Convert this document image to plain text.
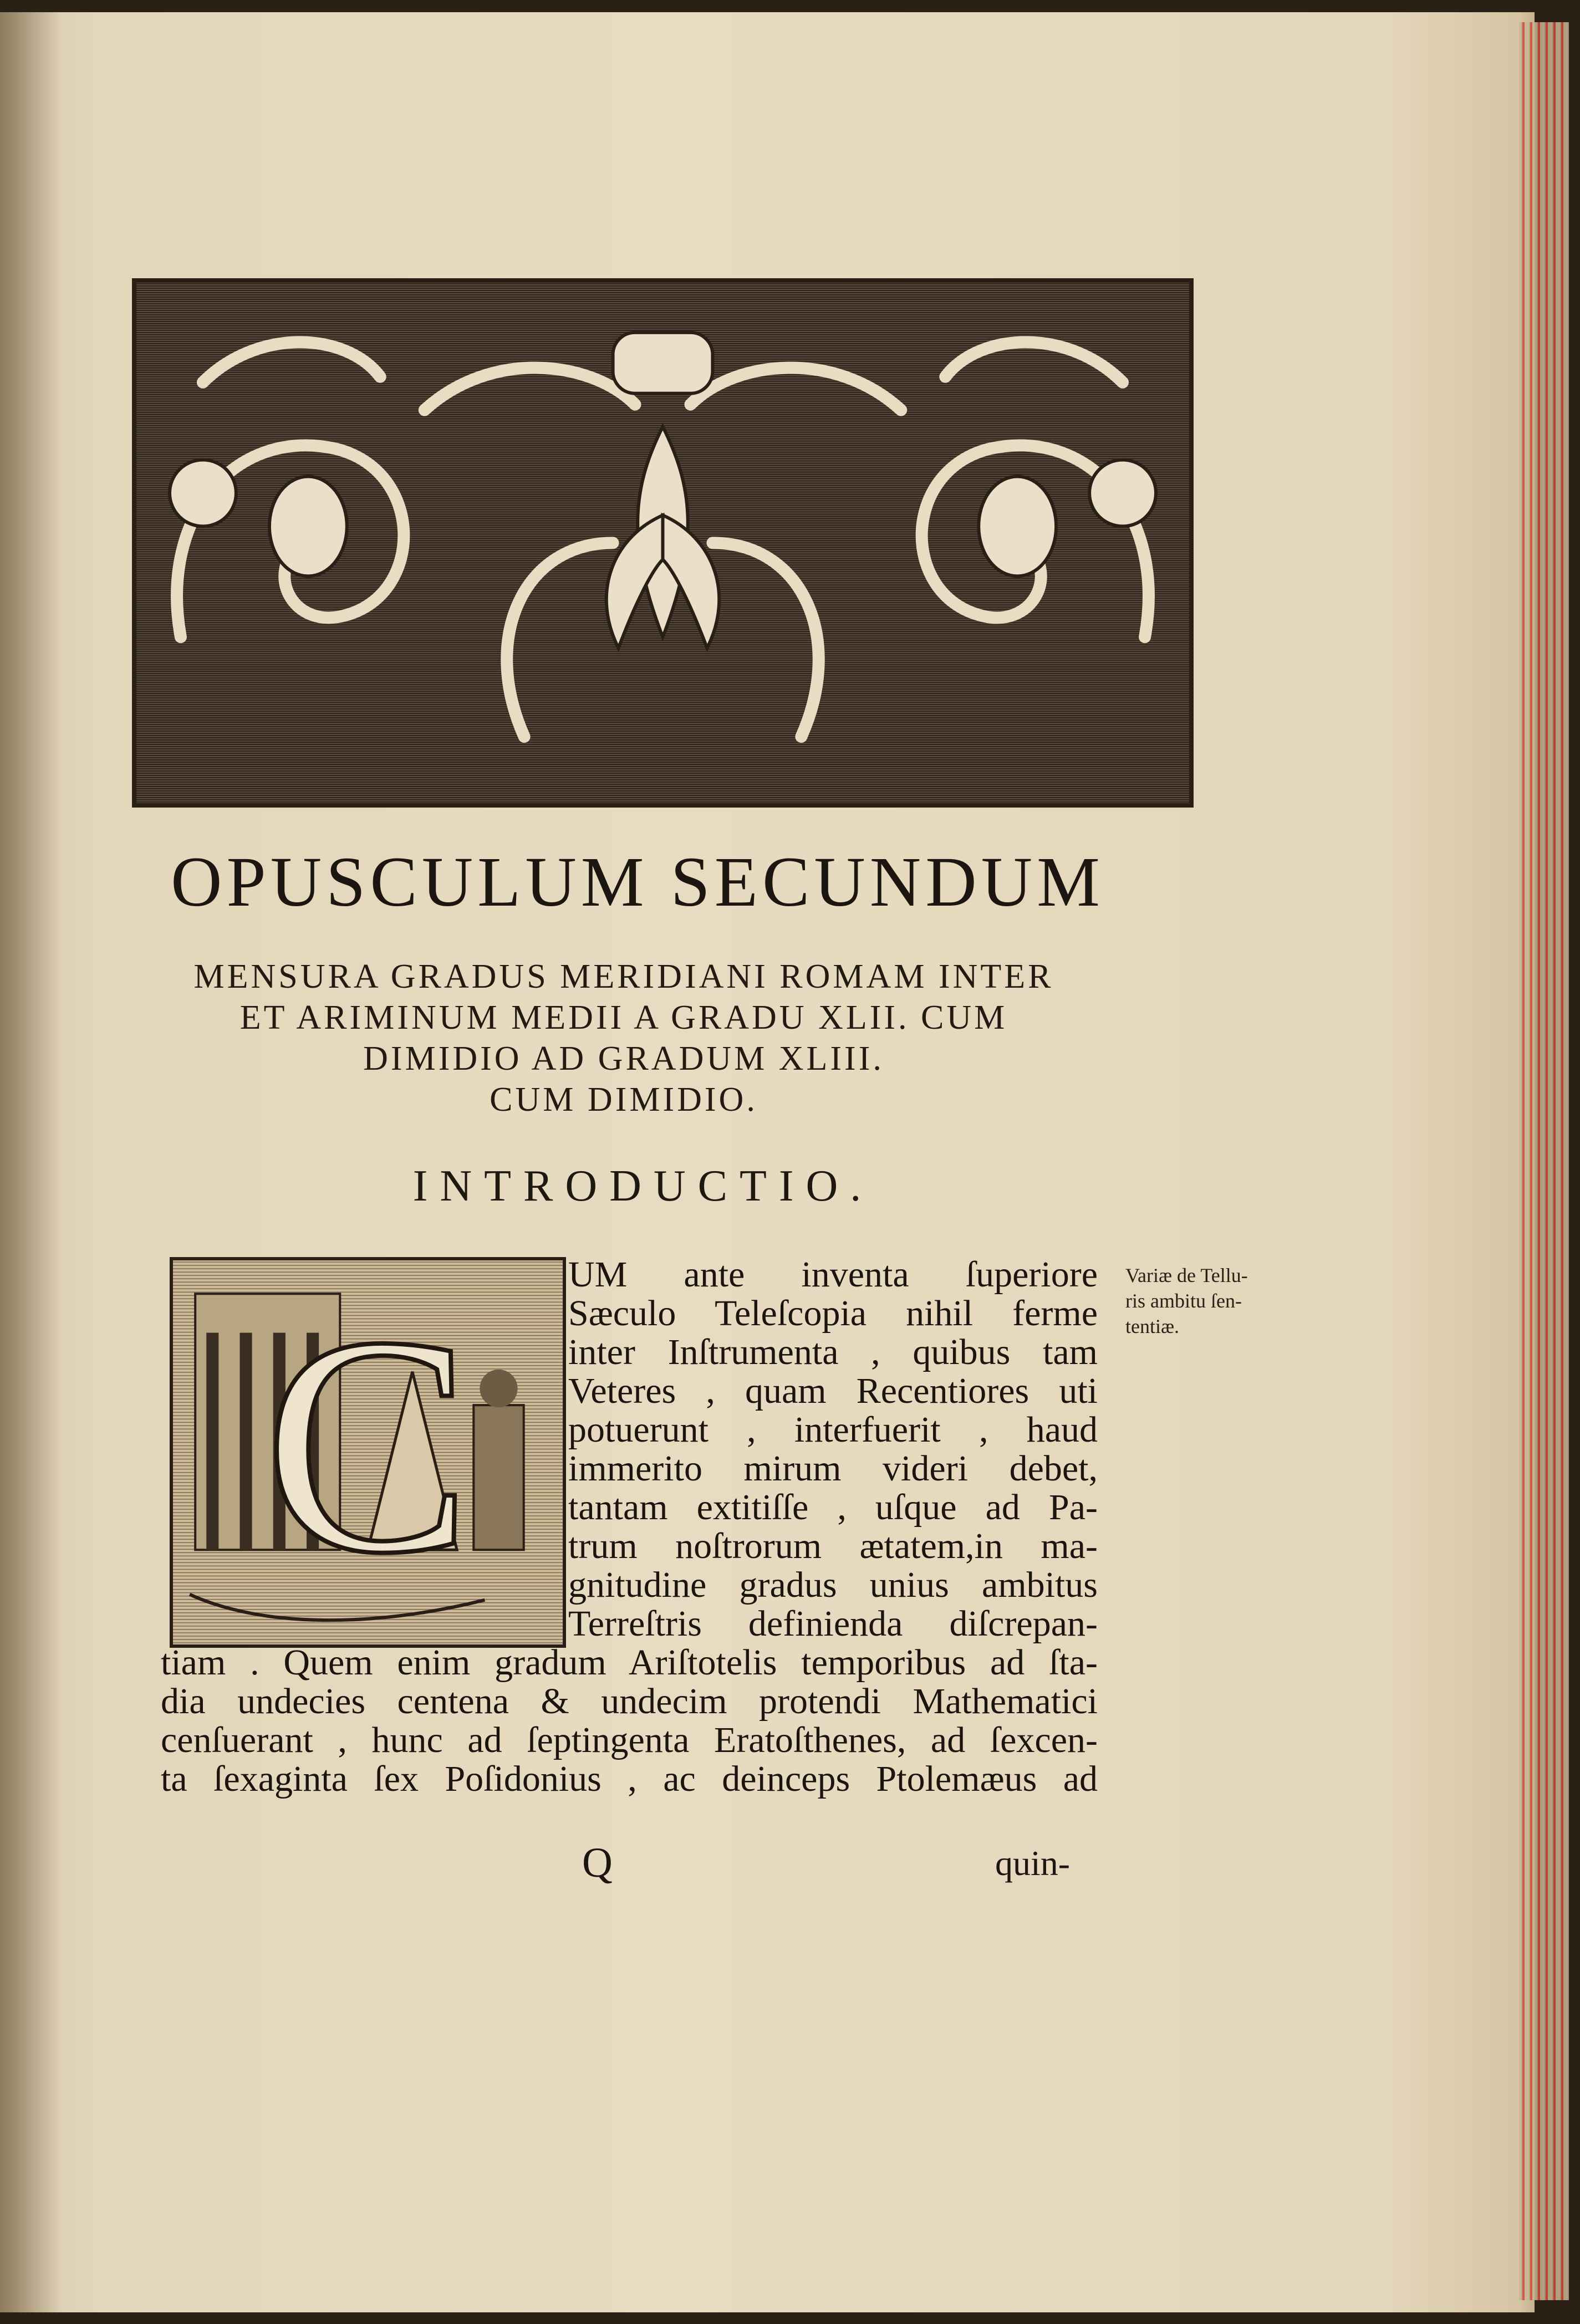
OPUSCULUM SECUNDUM
MENSURA GRADUS MERIDIANI ROMAM INTER
ET ARIMINUM MEDII A GRADU XLII. CUM
DIMIDIO AD GRADUM XLIII.
CUM DIMIDIO.
INTRODUCTIO.
C	UM ante inventa ſuperiore
Sæculo Teleſcopia nihil ferme
inter Inſtrumenta , quibus tam
Veteres , quam Recentiores uti
potuerunt , interfuerit , haud
immerito mirum videri debet,
tantam extitiſſe , uſque ad Pa-
trum noſtrorum ætatem,in ma-
gnitudine gradus unius ambitus
Terreſtris definienda diſcrepan-
tiam . Quem enim gradum Ariſtotelis temporibus ad ſta-
dia undecies centena & undecim protendi Mathematici
cenſuerant , hunc ad ſeptingenta Eratoſthenes, ad ſexcen-
ta ſexaginta ſex Poſidonius , ac deinceps Ptolemæus ad
Variæ de Tellu-
ris ambitu ſen-
tentiæ.
Q	quin-
